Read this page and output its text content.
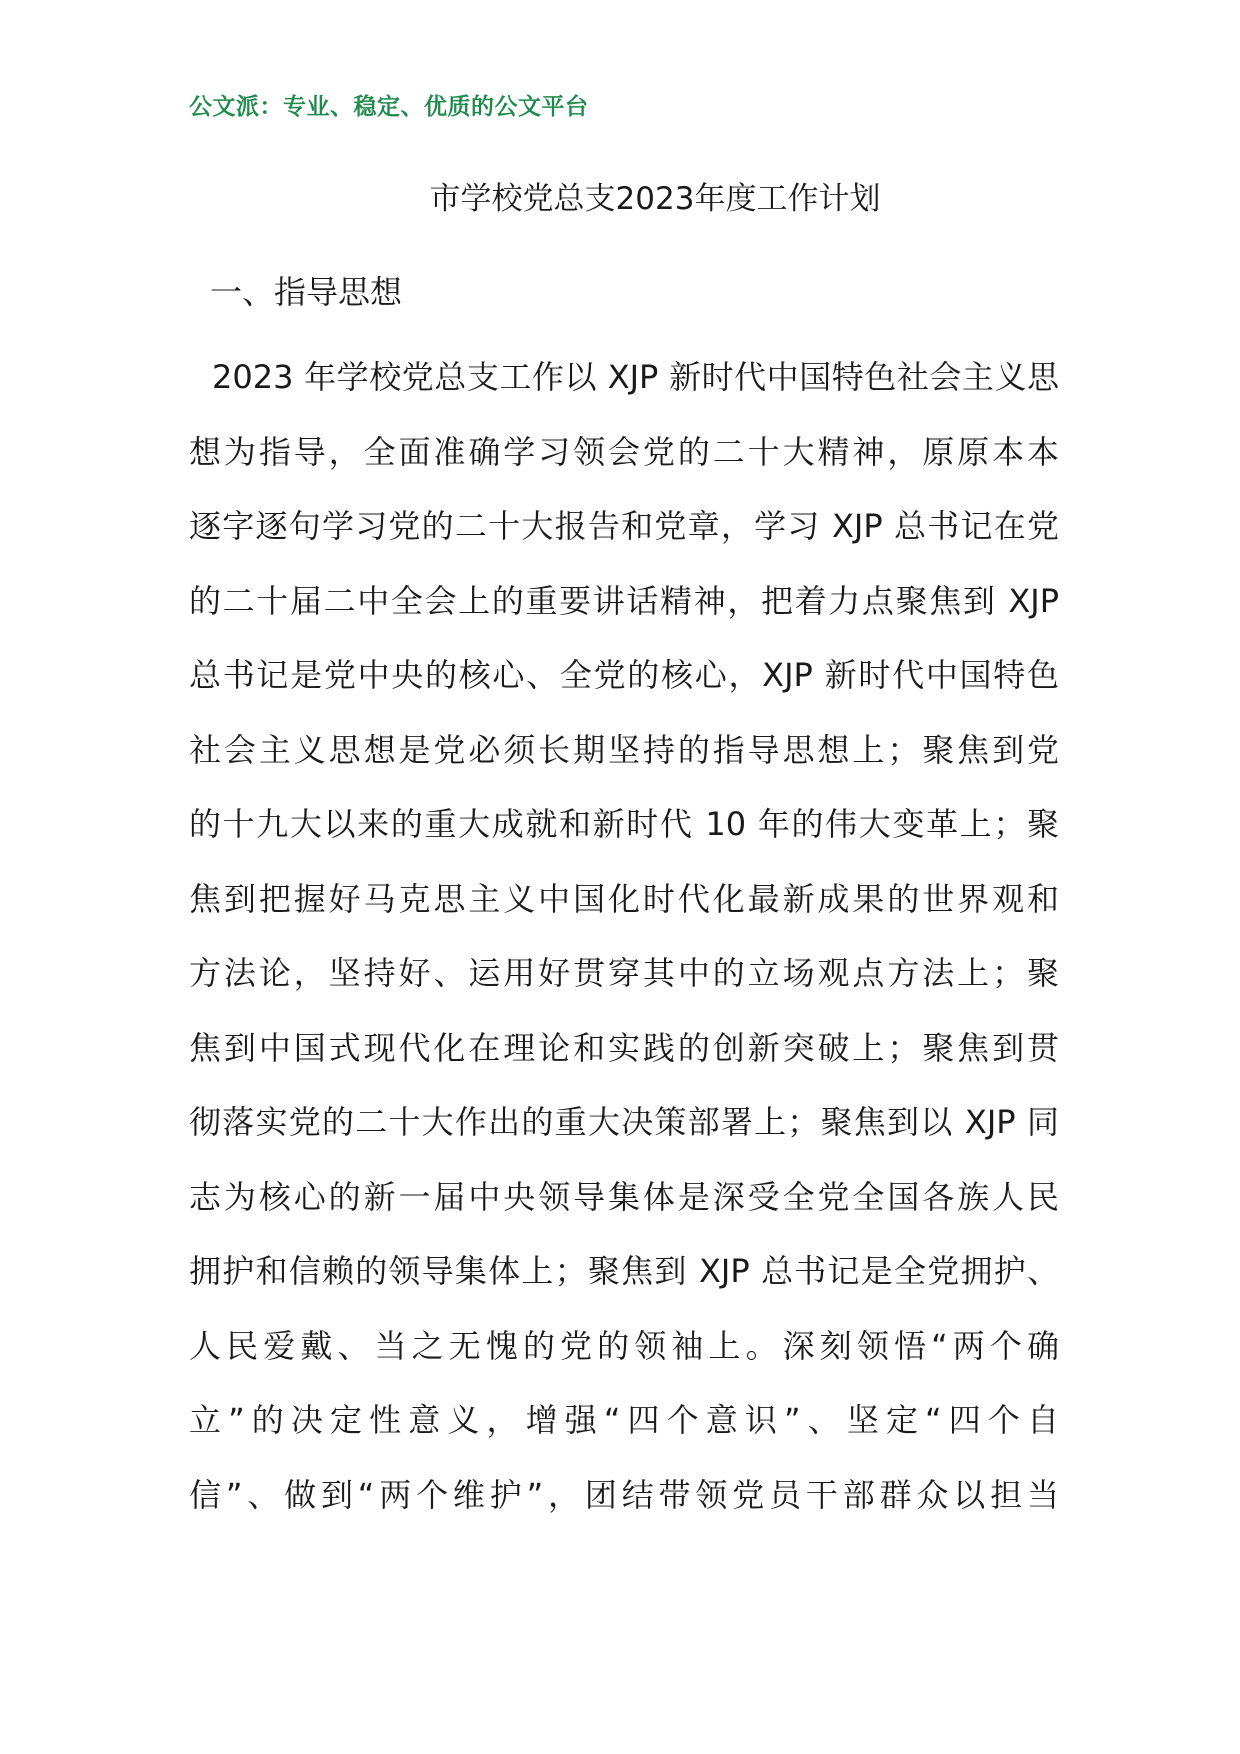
公文派：专业、稳定、优质的公文平台
市学校党总支2023年度工作计划
一、指导思想
2023 年学校党总支工作以 XJP 新时代中国特色社会主义思
想为指导，全面准确学习领会党的二十大精神，原原本本
逐字逐句学习党的二十大报告和党章，学习 XJP 总书记在党
的二十届二中全会上的重要讲话精神，把着力点聚焦到 XJP
总书记是党中央的核心、全党的核心，XJP 新时代中国特色
社会主义思想是党必须长期坚持的指导思想上；聚焦到党
的十九大以来的重大成就和新时代 10 年的伟大变革上；聚
焦到把握好马克思主义中国化时代化最新成果的世界观和
方法论，坚持好、运用好贯穿其中的立场观点方法上；聚
焦到中国式现代化在理论和实践的创新突破上；聚焦到贯
彻落实党的二十大作出的重大决策部署上；聚焦到以 XJP 同
志为核心的新一届中央领导集体是深受全党全国各族人民
拥护和信赖的领导集体上；聚焦到 XJP 总书记是全党拥护、
人民爱戴、当之无愧的党的领袖上。深刻领悟“两个确
立”的决定性意义，增强“四个意识”、坚定“四个自
信”、做到“两个维护”，团结带领党员干部群众以担当
